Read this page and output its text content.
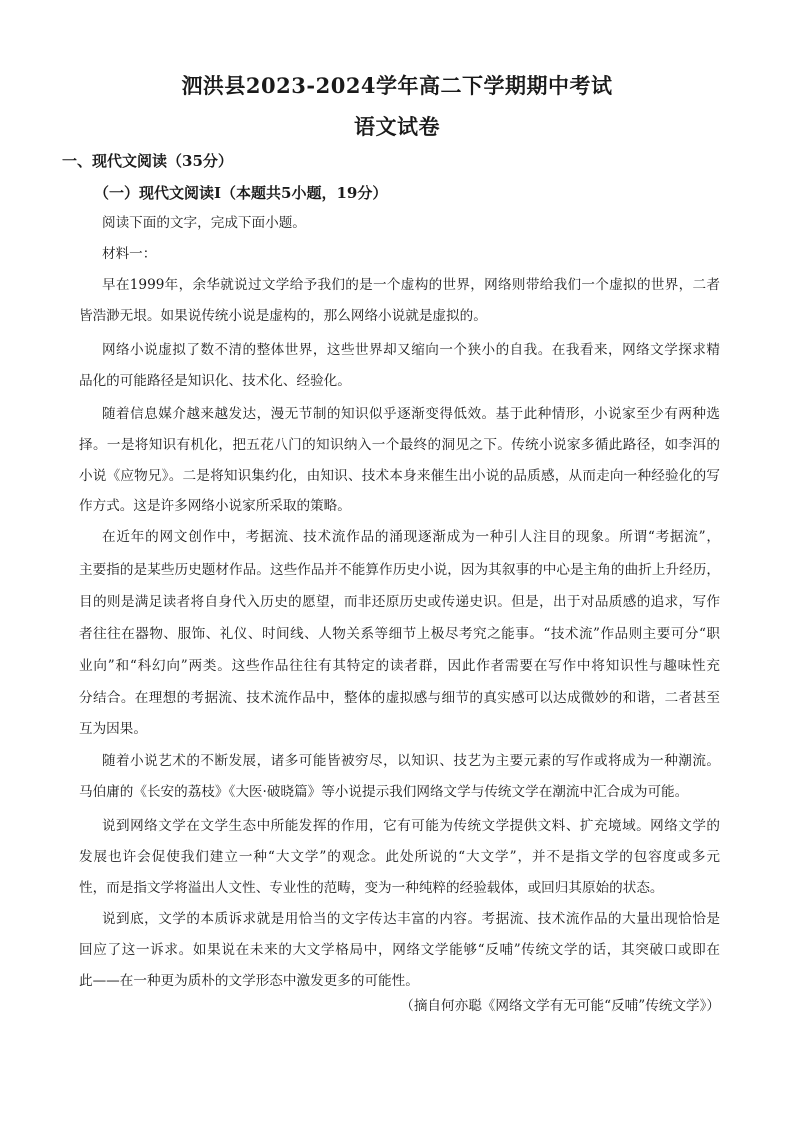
泗洪县2023-2024学年高二下学期期中考试
语文试卷
一、现代文阅读（35分）
（一）现代文阅读Ⅰ（本题共5小题，19分）
阅读下面的文字，完成下面小题。
材料一：
早在1999年，余华就说过文学给予我们的是一个虚构的世界，网络则带给我们一个虚拟的世界，二者
皆浩渺无垠。如果说传统小说是虚构的，那么网络小说就是虚拟的。
网络小说虚拟了数不清的整体世界，这些世界却又缩向一个狭小的自我。在我看来，网络文学探求精
品化的可能路径是知识化、技术化、经验化。
随着信息媒介越来越发达，漫无节制的知识似乎逐渐变得低效。基于此种情形，小说家至少有两种选
择。一是将知识有机化，把五花八门的知识纳入一个最终的洞见之下。传统小说家多循此路径，如李洱的
小说《应物兄》。二是将知识集约化，由知识、技术本身来催生出小说的品质感，从而走向一种经验化的写
作方式。这是许多网络小说家所采取的策略。
在近年的网文创作中，考据流、技术流作品的涌现逐渐成为一种引人注目的现象。所谓“考据流”，
主要指的是某些历史题材作品。这些作品并不能算作历史小说，因为其叙事的中心是主角的曲折上升经历，
目的则是满足读者将自身代入历史的愿望，而非还原历史或传递史识。但是，出于对品质感的追求，写作
者往往在器物、服饰、礼仪、时间线、人物关系等细节上极尽考究之能事。“技术流”作品则主要可分“职
业向”和“科幻向”两类。这些作品往往有其特定的读者群，因此作者需要在写作中将知识性与趣味性充
分结合。在理想的考据流、技术流作品中，整体的虚拟感与细节的真实感可以达成微妙的和谐，二者甚至
互为因果。
随着小说艺术的不断发展，诸多可能皆被穷尽，以知识、技艺为主要元素的写作或将成为一种潮流。
马伯庸的《长安的荔枝》《大医·破晓篇》等小说提示我们网络文学与传统文学在潮流中汇合成为可能。
说到网络文学在文学生态中所能发挥的作用，它有可能为传统文学提供文料、扩充境域。网络文学的
发展也许会促使我们建立一种“大文学”的观念。此处所说的“大文学”，并不是指文学的包容度或多元
性，而是指文学将溢出人文性、专业性的范畴，变为一种纯粹的经验载体，或回归其原始的状态。
说到底，文学的本质诉求就是用恰当的文字传达丰富的内容。考据流、技术流作品的大量出现恰恰是
回应了这一诉求。如果说在未来的大文学格局中，网络文学能够“反哺”传统文学的话，其突破口或即在
此——在一种更为质朴的文学形态中激发更多的可能性。
（摘自何亦聪《网络文学有无可能“反哺”传统文学》）
